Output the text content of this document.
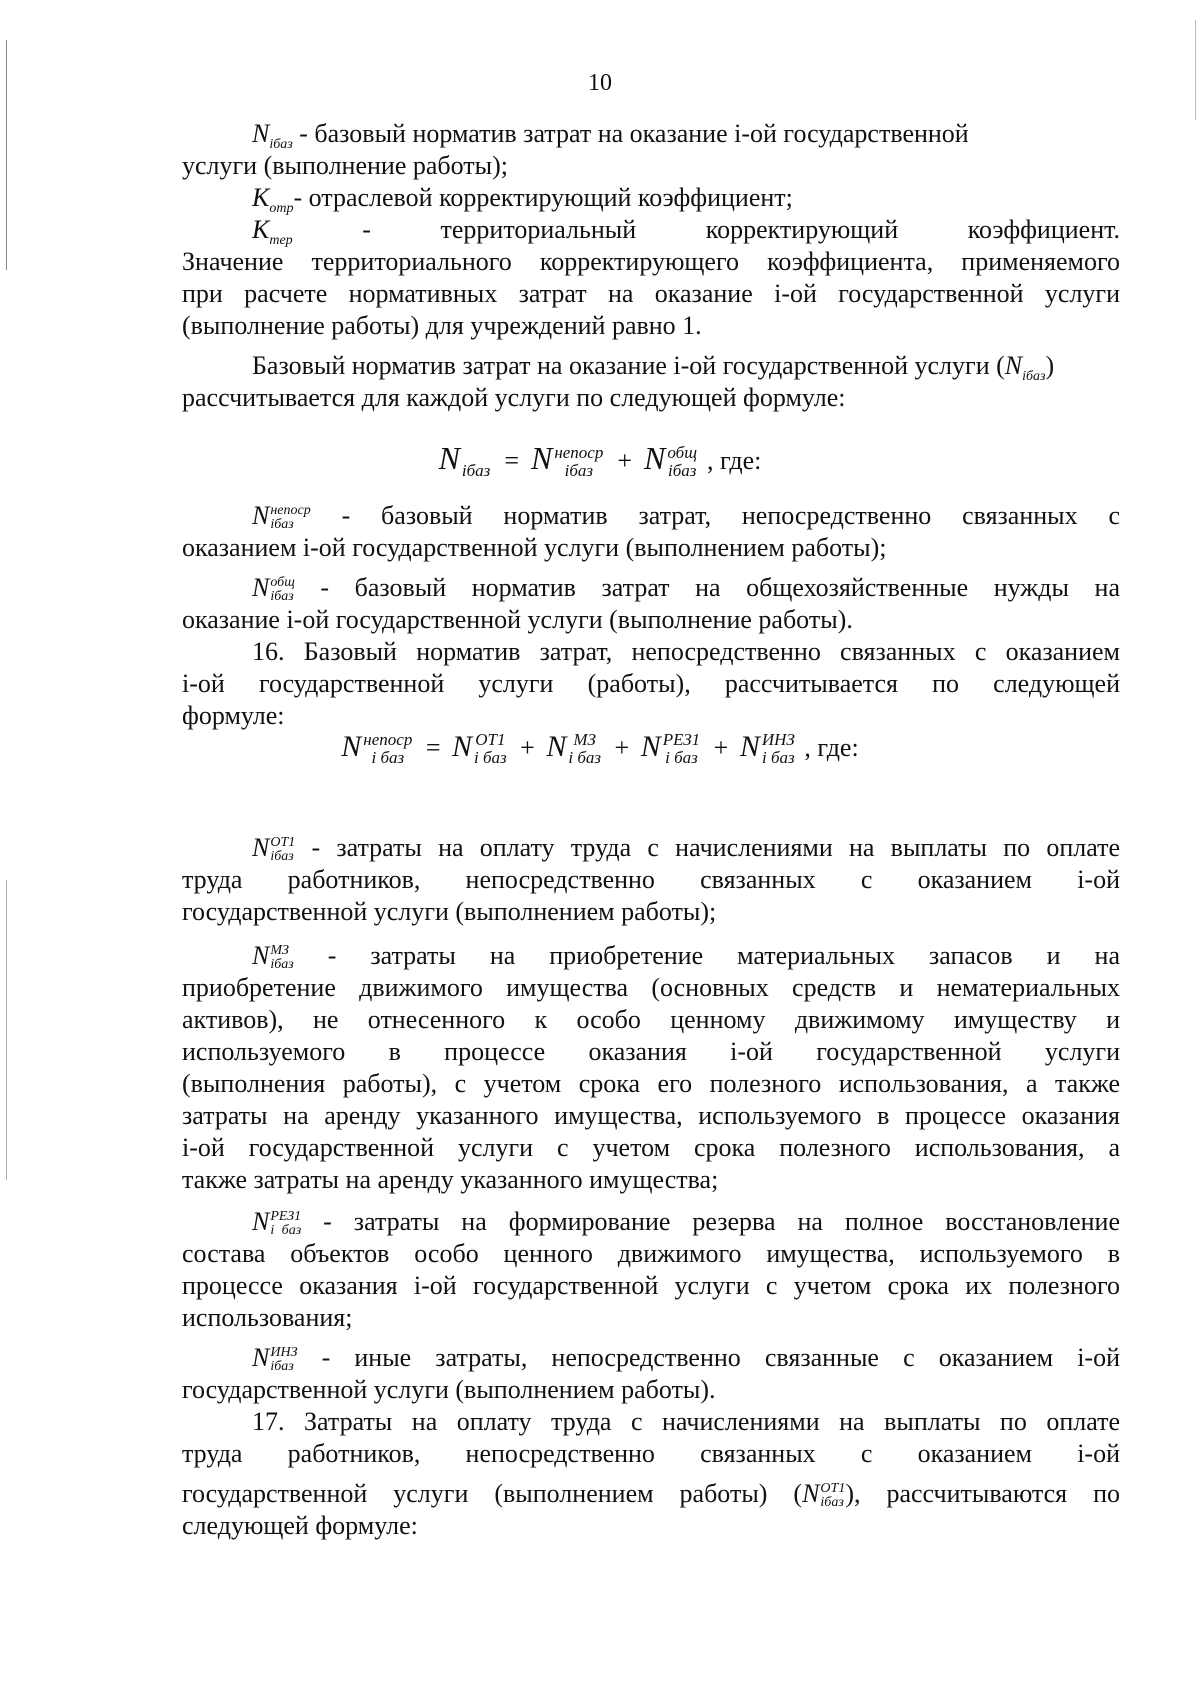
10
$N_{iбаз}$ - базовый норматив затрат на оказание i-ой государственной
услуги (выполнение работы);
$K_{отр}-$ отраслевой корректирующий коэффициент;
$K_{тер}$	-	территориальный	корректирующий	коэффициент.
Значение территориального корректирующего коэффициента, применяемого
при расчете нормативных затрат на оказание i-ой государственной услуги
(выполнение работы) для учреждений равно 1.
Базовый норматив затрат на оказание i-ой государственной услуги $(N_{iбаз})$
рассчитывается для каждой услуги по следующей формуле:
N
iбаз = N непоср
iбаз + N общ
iбаз , где:
N непоср
iбаз	- базовый норматив затрат, непосредственно связанных с
оказанием i-ой государственной услуги (выполнением работы);
N общ
iбаз - базовый норматив затрат на общехозяйственные нужды на
оказание i-ой государственной услуги (выполнение работы).
16. Базовый норматив затрат, непосредственно связанных с оказанием
i-ой государственной услуги (работы), рассчитывается по следующей
формуле:
N непоср
i баз = N ОТ1
i баз + N МЗ
i баз + N РЕЗ1
i баз + N ИНЗ
i баз , где:
N ОТ1
iбаз - затраты на оплату труда с начислениями на выплаты по оплате
труда работников, непосредственно связанных с оказанием i-ой
государственной услуги (выполнением работы);
N МЗ
iбаз - затраты на приобретение материальных запасов и на
приобретение движимого имущества (основных средств и нематериальных
активов), не отнесенного к особо ценному движимому имуществу и
используемого в процессе оказания i-ой государственной услуги
(выполнения работы), с учетом срока его полезного использования, а также
затраты на аренду указанного имущества, используемого в процессе оказания
i-ой государственной услуги с учетом срока полезного использования, а
также затраты на аренду указанного имущества;
N РЕЗ1
i баз - затраты на формирование резерва на полное восстановление
состава объектов особо ценного движимого имущества, используемого в
процессе оказания i-ой государственной услуги с учетом срока их полезного
использования;
N ИНЗ
iбаз - иные затраты, непосредственно связанные с оказанием i-ой
государственной услуги (выполнением работы).
17. Затраты на оплату труда с начислениями на выплаты по оплате
труда работников, непосредственно связанных с оказанием i-ой
государственной услуги (выполнением работы) (N ОТ1
iбаз ), рассчитываются по
следующей формуле:
